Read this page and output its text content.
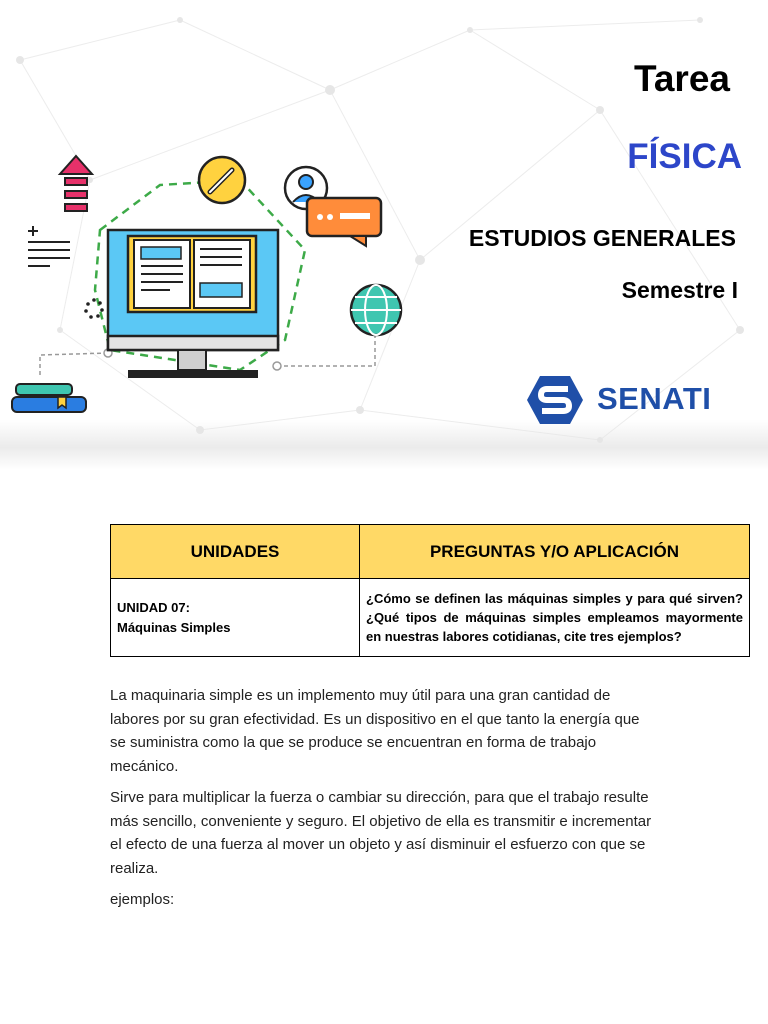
Tarea
FÍSICA
ESTUDIOS GENERALES
Semestre I
SENATI
UNIDADES	PREGUNTAS Y/O APLICACIÓN

UNIDAD 07:
Máquinas Simples	¿Cómo se definen las máquinas simples y para qué sirven? ¿Qué tipos de máquinas simples empleamos mayormente en nuestras labores cotidianas, cite tres ejemplos?

La maquinaria simple es un implemento muy útil para una gran cantidad de labores por su gran efectividad. Es un dispositivo en el que tanto la energía que se suministra como la que se produce se encuentran en forma de trabajo mecánico.

Sirve para multiplicar la fuerza o cambiar su dirección, para que el trabajo resulte más sencillo, conveniente y seguro. El objetivo de ella es transmitir e incrementar el efecto de una fuerza al mover un objeto y así disminuir el esfuerzo con que se realiza.

ejemplos:
